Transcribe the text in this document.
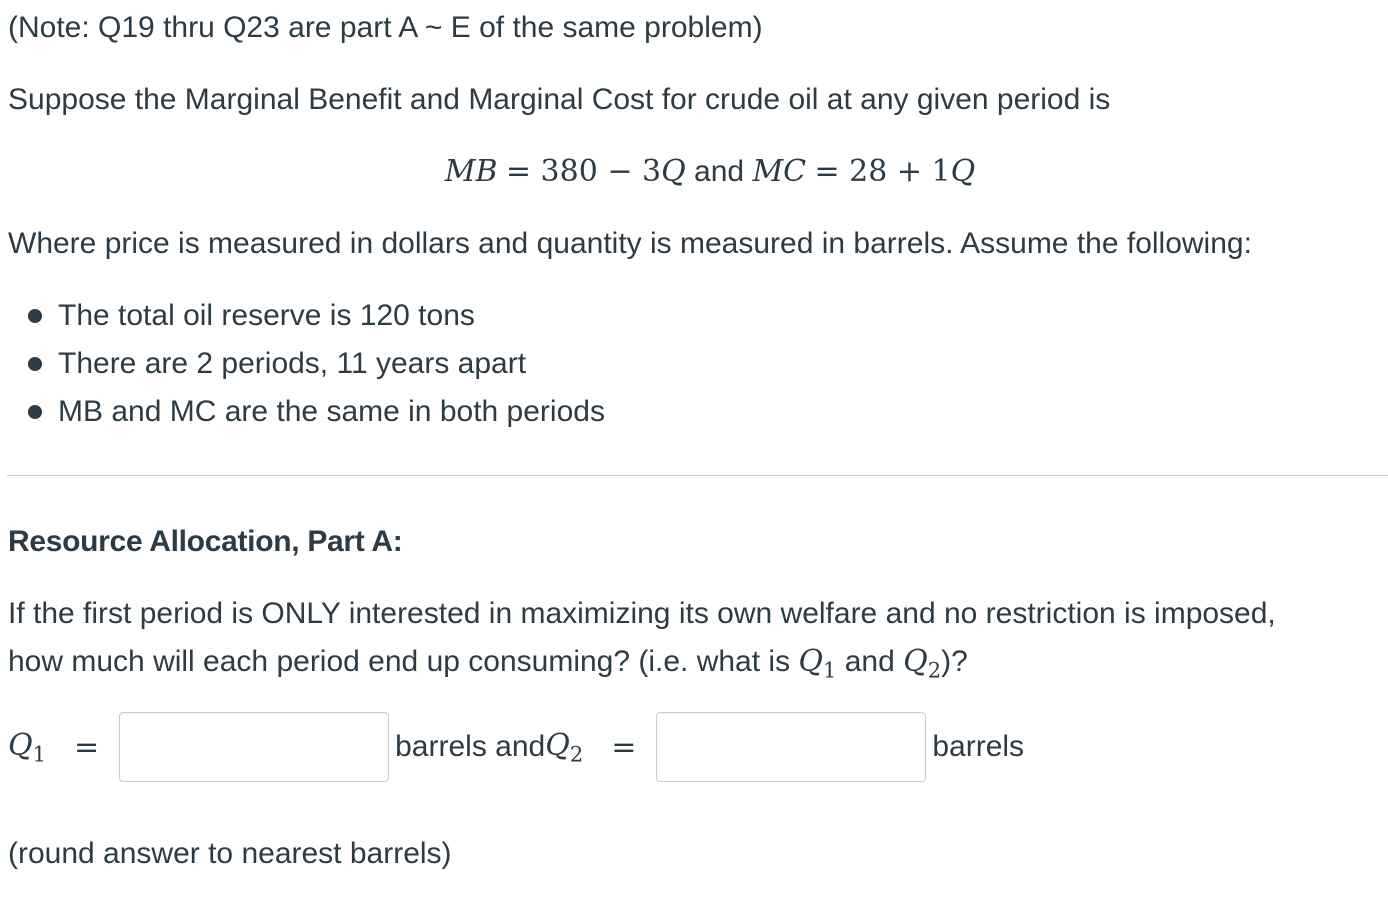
(Note: Q19 thru Q23 are part A ~ E of the same problem)
Suppose the Marginal Benefit and Marginal Cost for crude oil at any given period is
MB = 380 − 3Q and MC = 28 + 1Q
Where price is measured in dollars and quantity is measured in barrels. Assume the following:
The total oil reserve is 120 tons
There are 2 periods, 11 years apart
MB and MC are the same in both periods
Resource Allocation, Part A:
If the first period is ONLY interested in maximizing its own welfare and no restriction is imposed,
how much will each period end up consuming? (i.e. what is $Q_1$ and $Q_2$)?
$Q_1$ =	barrels and $Q_2$ =	barrels
(round answer to nearest barrels)
